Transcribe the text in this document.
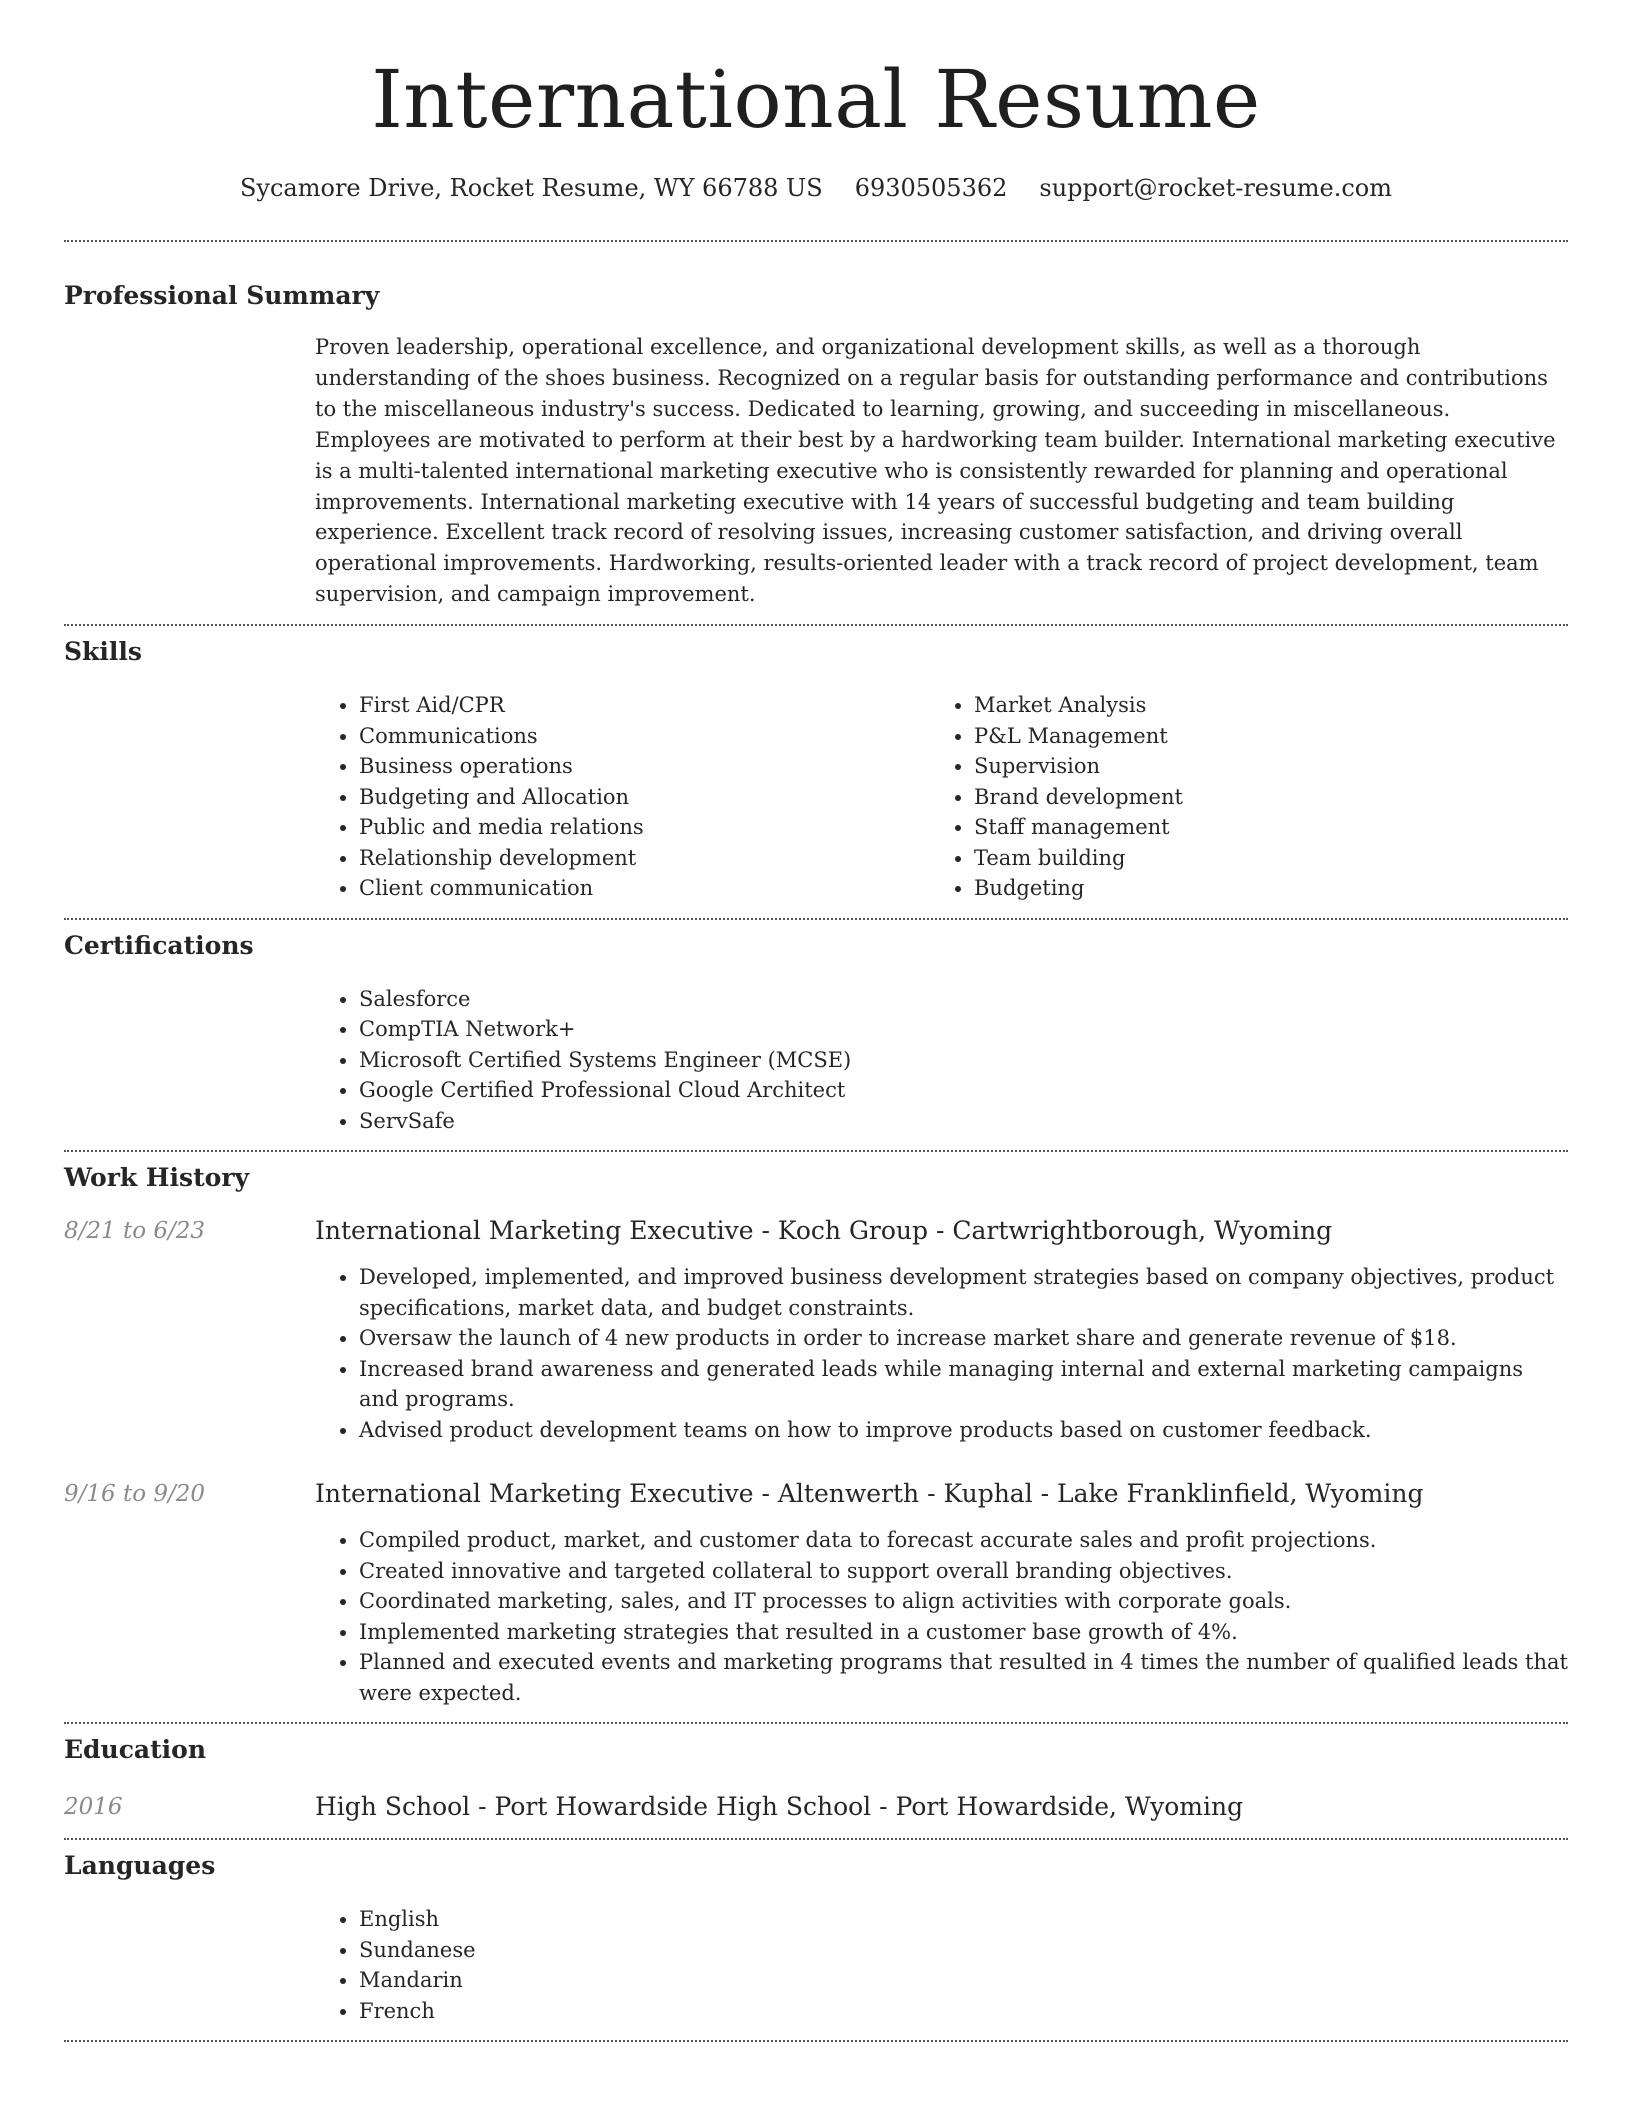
International Resume
Sycamore Drive, Rocket Resume, WY 66788 US 6930505362 support@rocket-resume.com
Professional Summary

Proven leadership, operational excellence, and organizational development skills, as well as a thorough understanding of the shoes business. Recognized on a regular basis for outstanding performance and contributions to the miscellaneous industry's success. Dedicated to learning, growing, and succeeding in miscellaneous. Employees are motivated to perform at their best by a hardworking team builder. International marketing executive is a multi-talented international marketing executive who is consistently rewarded for planning and operational improvements. International marketing executive with 14 years of successful budgeting and team building experience. Excellent track record of resolving issues, increasing customer satisfaction, and driving overall operational improvements. Hardworking, results-oriented leader with a track record of project development, team supervision, and campaign improvement.

Skills
• First Aid/CPR
• Communications
• Business operations
• Budgeting and Allocation
• Public and media relations
• Relationship development
• Client communication
• Market Analysis
• P&L Management
• Supervision
• Brand development
• Staff management
• Team building
• Budgeting
Certifications
• Salesforce
• CompTIA Network+
• Microsoft Certified Systems Engineer (MCSE)
• Google Certified Professional Cloud Architect
• ServSafe
Work History
8/21 to 6/23	International Marketing Executive - Koch Group - Cartwrightborough, Wyoming
• Developed, implemented, and improved business development strategies based on company objectives, product specifications, market data, and budget constraints.
• Oversaw the launch of 4 new products in order to increase market share and generate revenue of $18.
• Increased brand awareness and generated leads while managing internal and external marketing campaigns and programs.
• Advised product development teams on how to improve products based on customer feedback.
9/16 to 9/20	International Marketing Executive - Altenwerth - Kuphal - Lake Franklinfield, Wyoming
• Compiled product, market, and customer data to forecast accurate sales and profit projections.
• Created innovative and targeted collateral to support overall branding objectives.
• Coordinated marketing, sales, and IT processes to align activities with corporate goals.
• Implemented marketing strategies that resulted in a customer base growth of 4%.
• Planned and executed events and marketing programs that resulted in 4 times the number of qualified leads that were expected.
Education
2016	High School - Port Howardside High School - Port Howardside, Wyoming
Languages
• English
• Sundanese
• Mandarin
• French
